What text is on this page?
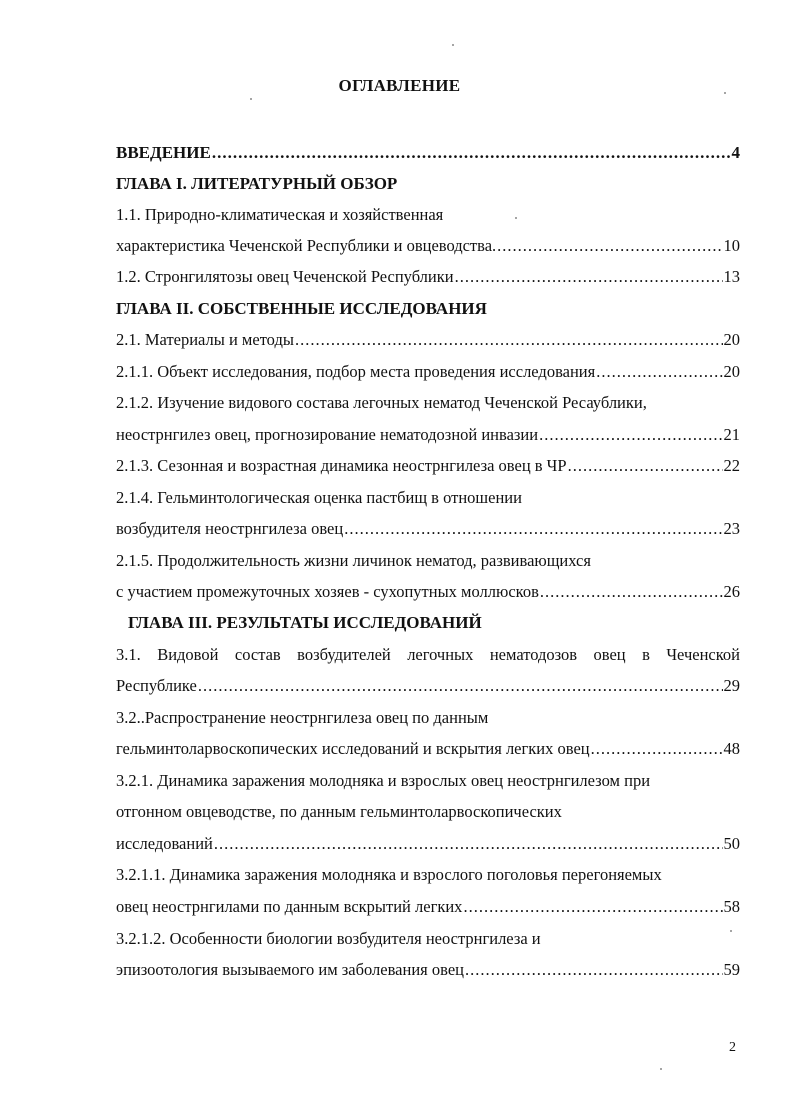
ОГЛАВЛЕНИЕ
ВВЕДЕНИЕ .....	4
ГЛАВА I. ЛИТЕРАТУРНЫЙ ОБЗОР
1.1. Природно-климатическая и хозяйственная
характеристика Чеченской Республики и овцеводства. .....	10
1.2. Стронгилятозы овец Чеченской Республики .....	13
ГЛАВА II. СОБСТВЕННЫЕ ИССЛЕДОВАНИЯ
2.1. Материалы и методы .....	20
2.1.1. Объект исследования, подбор места проведения исследования .....	20
2.1.2. Изучение видового состава легочных нематод Чеченской Ресаублики,
неострнгилез овец, прогнозирование нематодозной инвазии .....	21
2.1.3. Сезонная и возрастная динамика неострнгилеза овец в ЧР .....	22
2.1.4. Гельминтологическая оценка пастбищ в отношении
возбудителя неострнгилеза овец .....	23
2.1.5. Продолжительность жизни личинок нематод, развивающихся
с участием промежуточных хозяев - сухопутных моллюсков .....	26
ГЛАВА III. РЕЗУЛЬТАТЫ ИССЛЕДОВАНИЙ
3.1. Видовой состав возбудителей легочных нематодозов овец в Чеченской
Республике .....	29
3.2..Распространение неострнгилеза овец по данным
гельминтоларвоскопических исследований и вскрытия легких овец .....	48
3.2.1. Динамика заражения молодняка и взрослых овец неострнгилезом при
отгонном овцеводстве, по данным гельминтоларвоскопических
исследований .....	50
3.2.1.1. Динамика заражения молодняка и взрослого поголовья перегоняемых
овец неострнгилами по данным вскрытий легких .....	58
3.2.1.2. Особенности биологии возбудителя неострнгилеза и
эпизоотология вызываемого им заболевания овец .....	59
2
